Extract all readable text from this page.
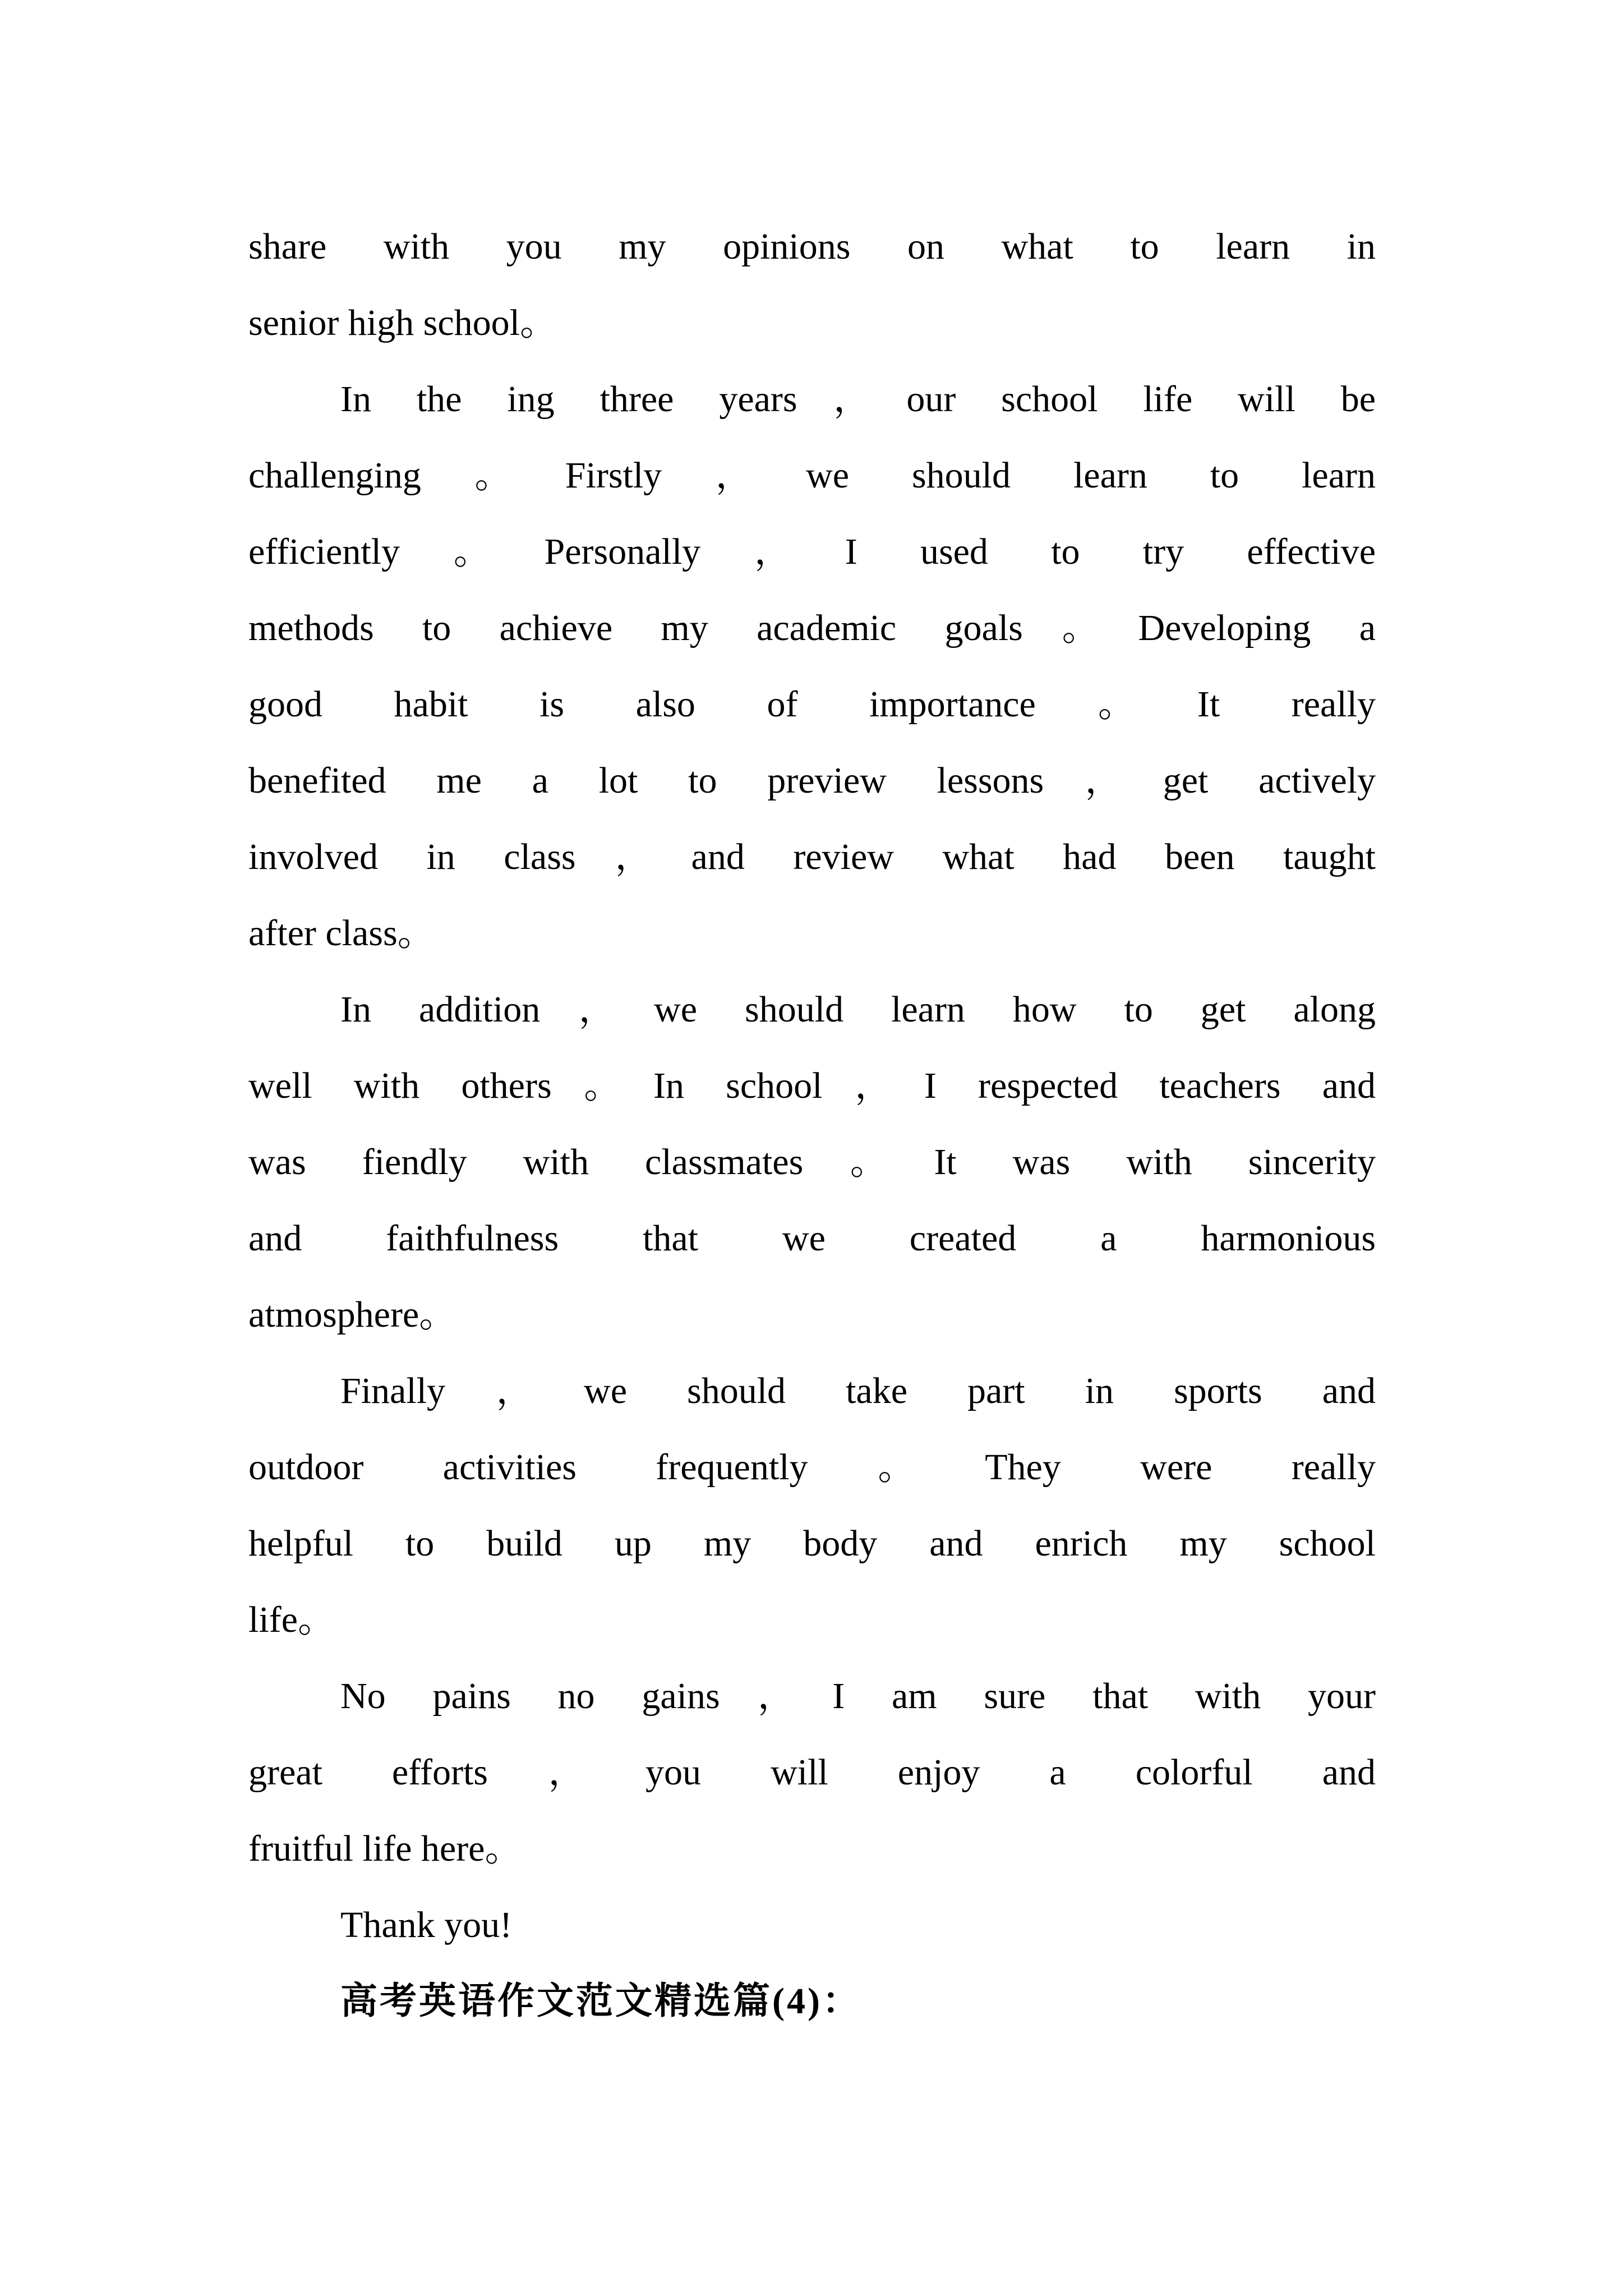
share with you my opinions on what to learn in
senior high school。
In the ing three years，our school life will be
challenging。Firstly，we should learn to learn
efficiently。Personally，I used to try effective
methods to achieve my academic goals。Developing a
good habit is also of importance。It really
benefited me a lot to preview lessons，get actively
involved in class，and review what had been taught
after class。
In addition，we should learn how to get along
well with others。In school，I respected teachers and
was fiendly with classmates。It was with sincerity
and faithfulness that we created a harmonious
atmosphere。
Finally，we should take part in sports and
outdoor activities frequently。They were really
helpful to build up my body and enrich my school
life。
No pains no gains，I am sure that with your
great efforts，you will enjoy a colorful and
fruitful life here。
Thank you!
高考英语作文范文精选篇(4)：
